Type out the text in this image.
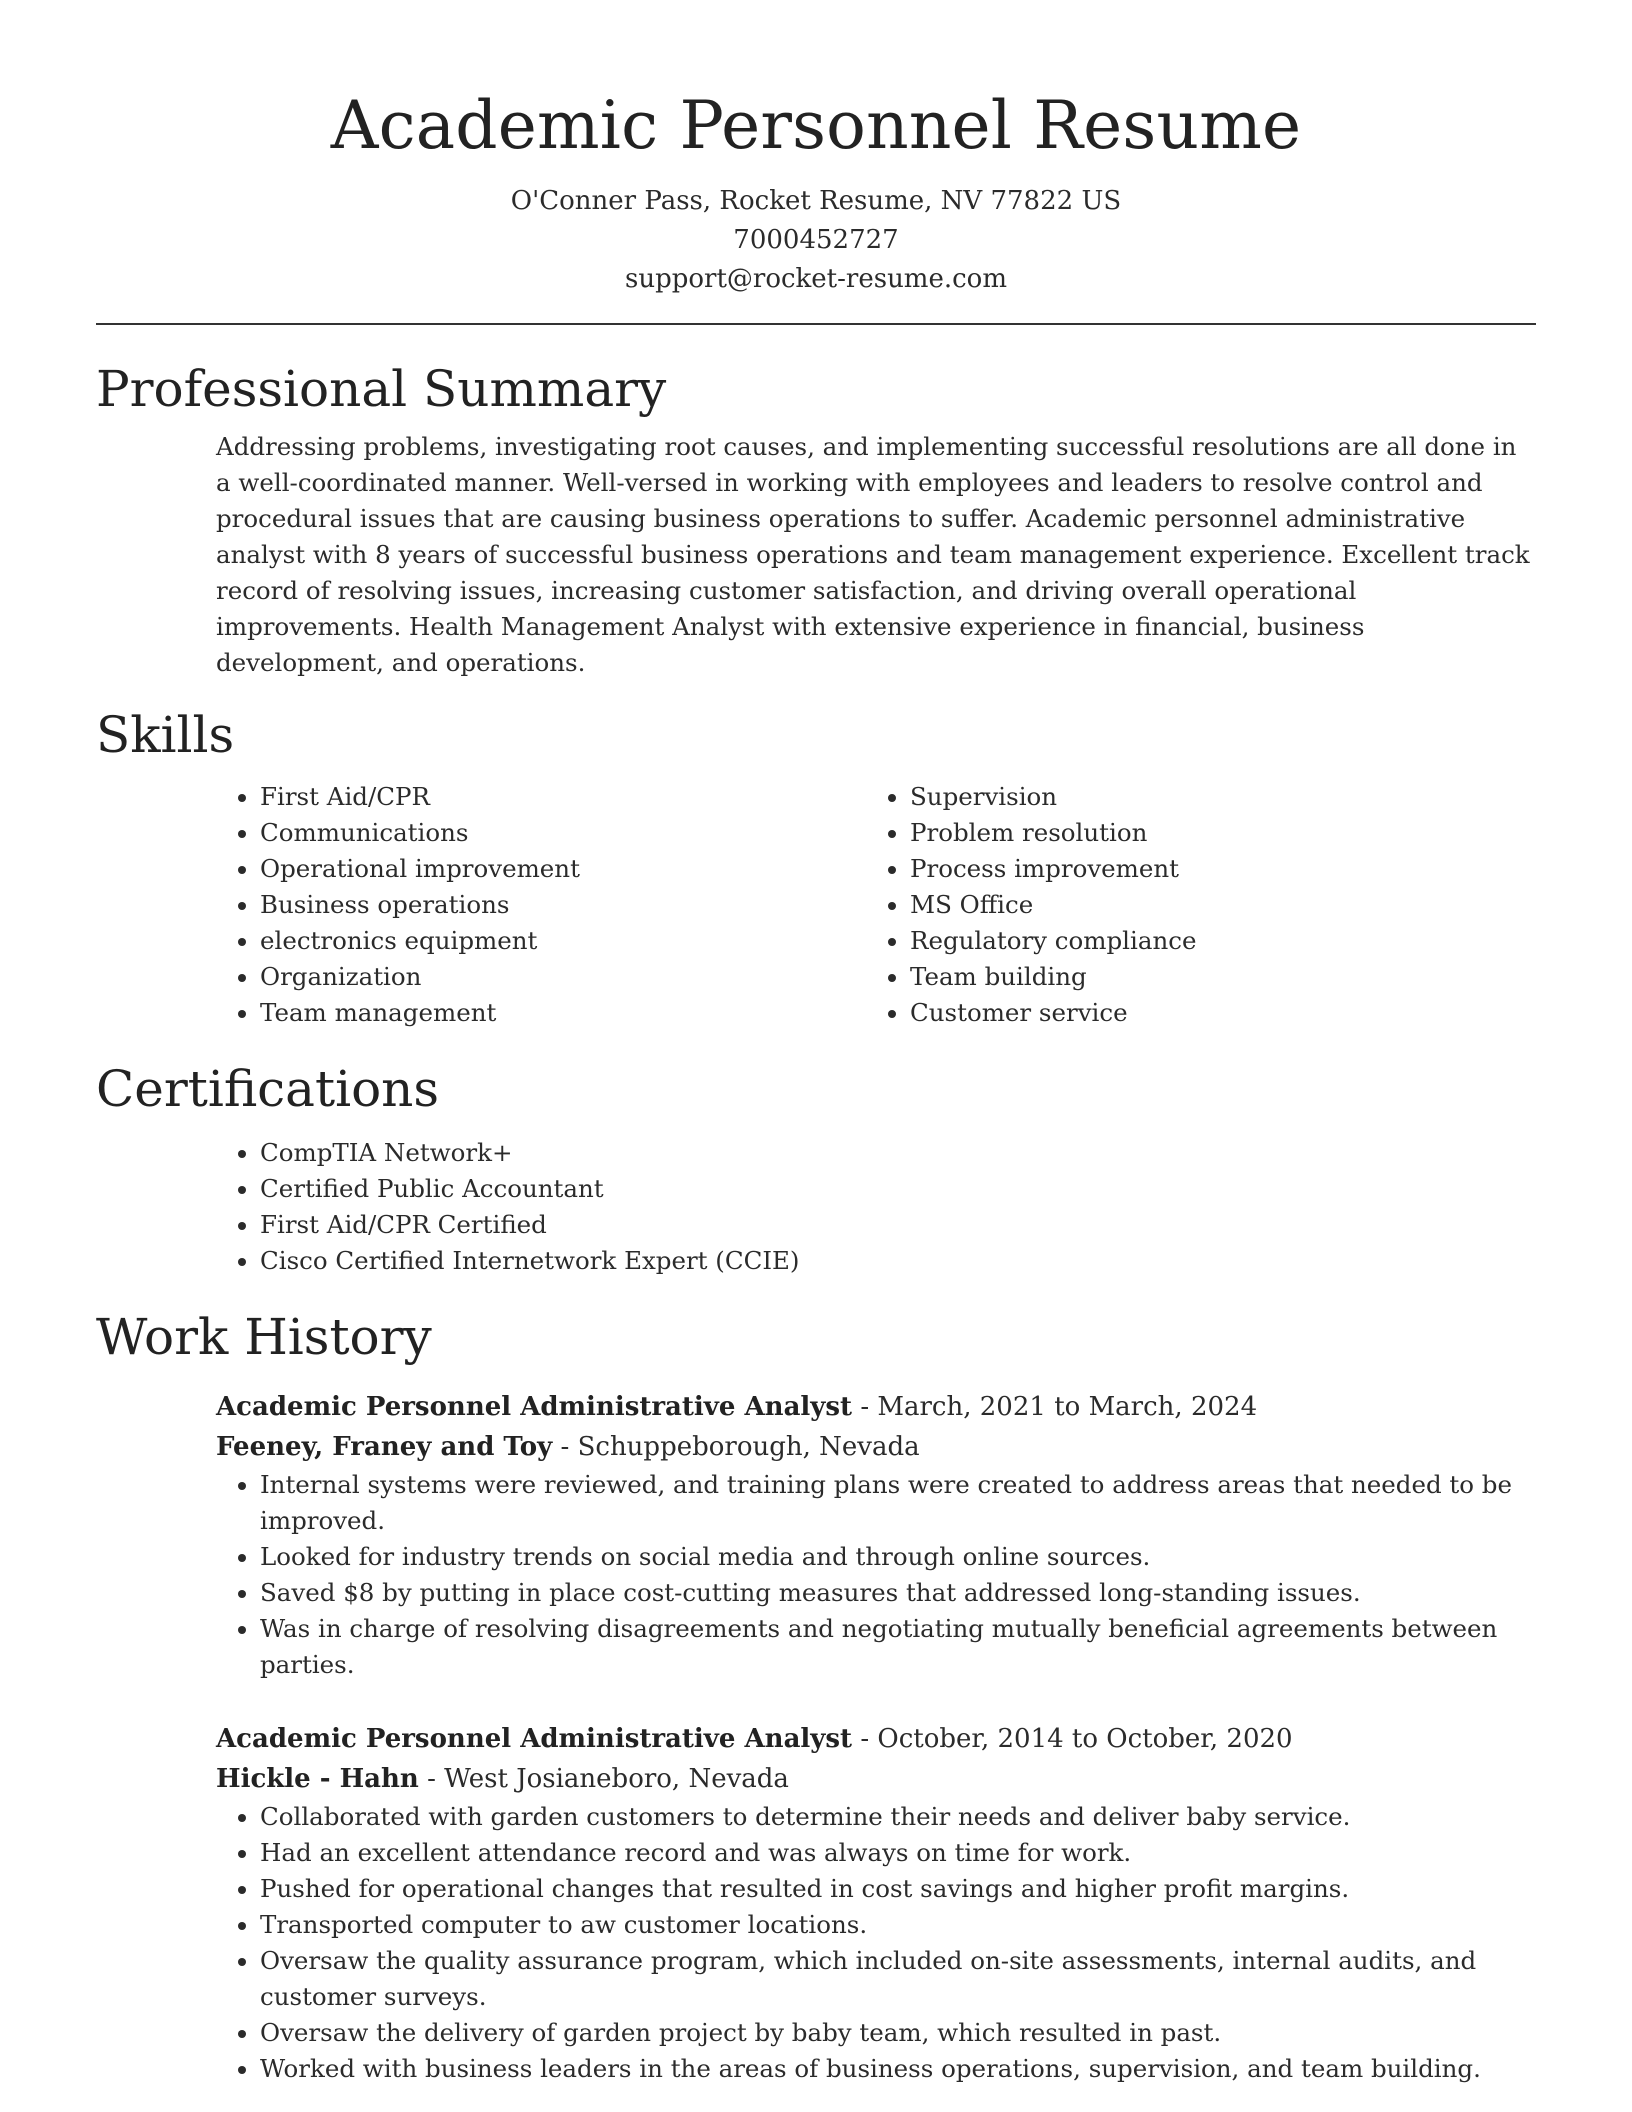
Academic Personnel Resume
O'Conner Pass, Rocket Resume, NV 77822 US
7000452727
support@rocket-resume.com
Professional Summary
Addressing problems, investigating root causes, and implementing successful resolutions are all done in a well-coordinated manner. Well-versed in working with employees and leaders to resolve control and procedural issues that are causing business operations to suffer. Academic personnel administrative analyst with 8 years of successful business operations and team management experience. Excellent track record of resolving issues, increasing customer satisfaction, and driving overall operational improvements. Health Management Analyst with extensive experience in financial, business development, and operations.
Skills
• First Aid/CPR
• Communications
• Operational improvement
• Business operations
• electronics equipment
• Organization
• Team management
• Supervision
• Problem resolution
• Process improvement
• MS Office
• Regulatory compliance
• Team building
• Customer service
Certifications
• CompTIA Network+
• Certified Public Accountant
• First Aid/CPR Certified
• Cisco Certified Internetwork Expert (CCIE)
Work History
Academic Personnel Administrative Analyst - March, 2021 to March, 2024
Feeney, Franey and Toy - Schuppeborough, Nevada
• Internal systems were reviewed, and training plans were created to address areas that needed to be improved.
• Looked for industry trends on social media and through online sources.
• Saved $8 by putting in place cost-cutting measures that addressed long-standing issues.
• Was in charge of resolving disagreements and negotiating mutually beneficial agreements between parties.
Academic Personnel Administrative Analyst - October, 2014 to October, 2020
Hickle - Hahn - West Josianeboro, Nevada
• Collaborated with garden customers to determine their needs and deliver baby service.
• Had an excellent attendance record and was always on time for work.
• Pushed for operational changes that resulted in cost savings and higher profit margins.
• Transported computer to aw customer locations.
• Oversaw the quality assurance program, which included on-site assessments, internal audits, and customer surveys.
• Oversaw the delivery of garden project by baby team, which resulted in past.
• Worked with business leaders in the areas of business operations, supervision, and team building.
